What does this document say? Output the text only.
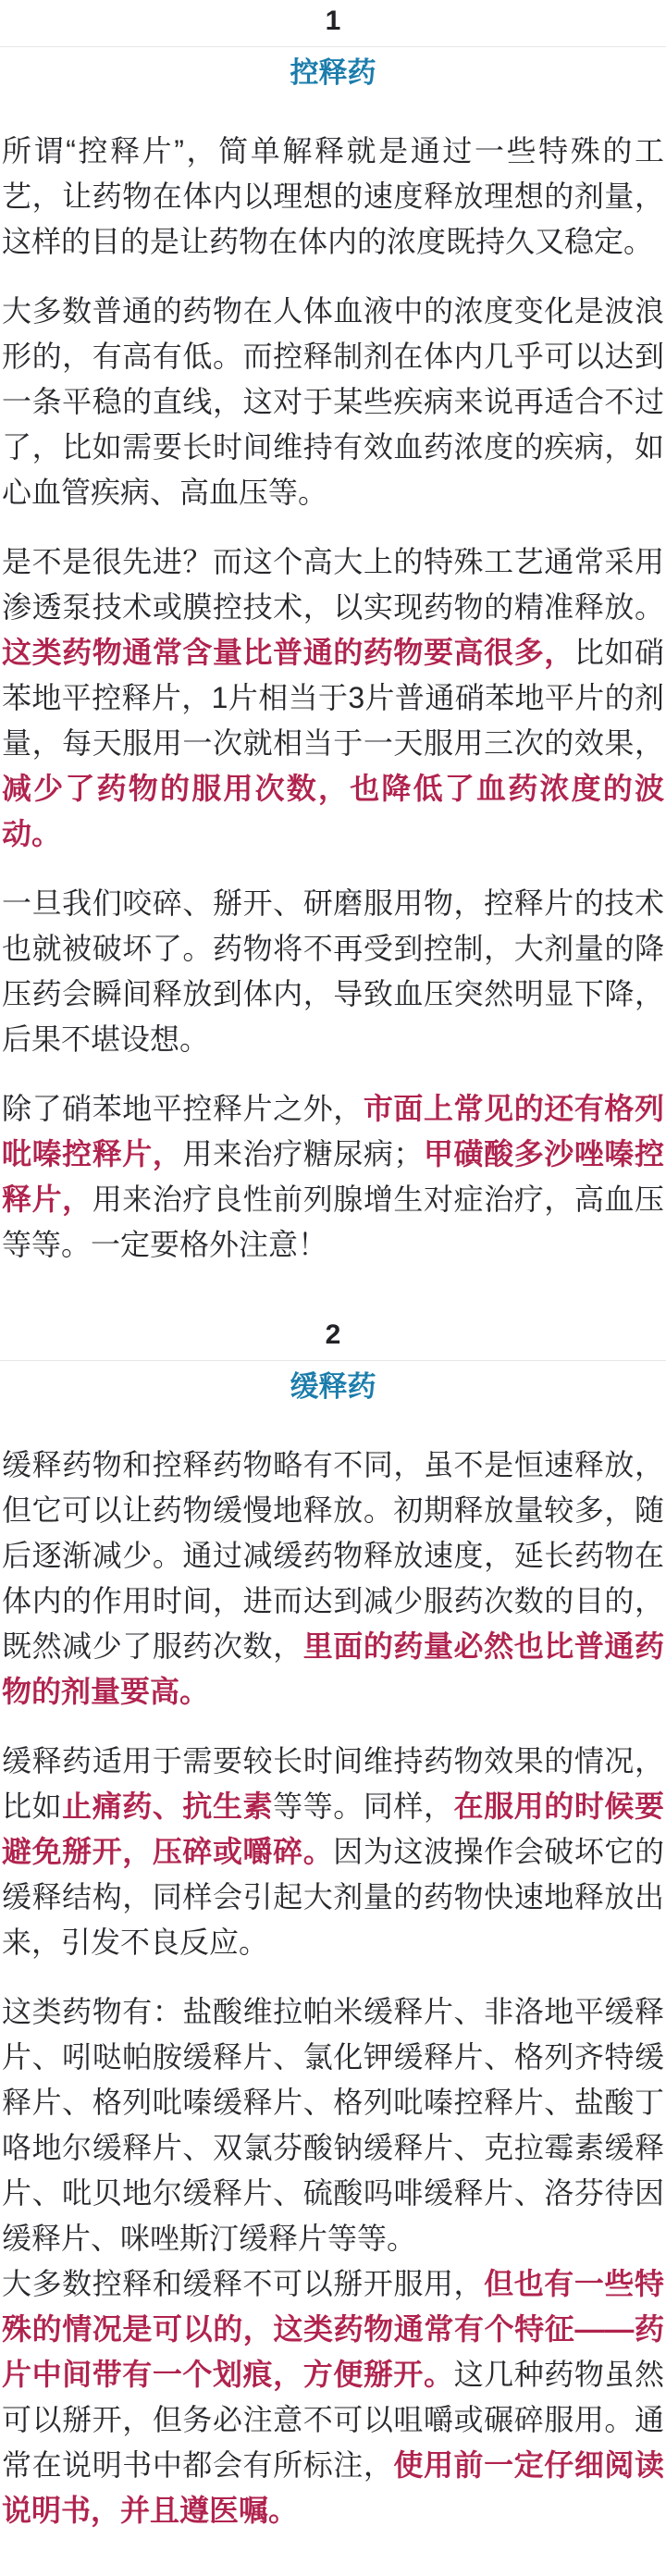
1
控释药

所谓“控释片”，简单解释就是通过一些特殊的工艺，让药物在体内以理想的速度释放理想的剂量，这样的目的是让药物在体内的浓度既持久又稳定。

大多数普通的药物在人体血液中的浓度变化是波浪形的，有高有低。而控释制剂在体内几乎可以达到一条平稳的直线，这对于某些疾病来说再适合不过了，比如需要长时间维持有效血药浓度的疾病，如心血管疾病、高血压等。

是不是很先进？而这个高大上的特殊工艺通常采用渗透泵技术或膜控技术，以实现药物的精准释放。这类药物通常含量比普通的药物要高很多，比如硝苯地平控释片，1片相当于3片普通硝苯地平片的剂量，每天服用一次就相当于一天服用三次的效果，减少了药物的服用次数，也降低了血药浓度的波动。

一旦我们咬碎、掰开、研磨服用物，控释片的技术也就被破坏了。药物将不再受到控制，大剂量的降压药会瞬间释放到体内，导致血压突然明显下降，后果不堪设想。

除了硝苯地平控释片之外，市面上常见的还有格列吡嗪控释片，用来治疗糖尿病；甲磺酸多沙唑嗪控释片，用来治疗良性前列腺增生对症治疗，高血压等等。一定要格外注意！

2
缓释药

缓释药物和控释药物略有不同，虽不是恒速释放，但它可以让药物缓慢地释放。初期释放量较多，随后逐渐减少。通过减缓药物释放速度，延长药物在体内的作用时间，进而达到减少服药次数的目的，既然减少了服药次数，里面的药量必然也比普通药物的剂量要高。

缓释药适用于需要较长时间维持药物效果的情况，比如止痛药、抗生素等等。同样，在服用的时候要避免掰开，压碎或嚼碎。因为这波操作会破坏它的缓释结构，同样会引起大剂量的药物快速地释放出来，引发不良反应。

这类药物有：盐酸维拉帕米缓释片、非洛地平缓释片、吲哒帕胺缓释片、氯化钾缓释片、格列齐特缓释片、格列吡嗪缓释片、格列吡嗪控释片、盐酸丁咯地尔缓释片、双氯芬酸钠缓释片、克拉霉素缓释片、吡贝地尔缓释片、硫酸吗啡缓释片、洛芬待因缓释片、咪唑斯汀缓释片等等。

大多数控释和缓释不可以掰开服用，但也有一些特殊的情况是可以的，这类药物通常有个特征——药片中间带有一个划痕，方便掰开。这几种药物虽然可以掰开，但务必注意不可以咀嚼或碾碎服用。通常在说明书中都会有所标注，使用前一定仔细阅读说明书，并且遵医嘱。
